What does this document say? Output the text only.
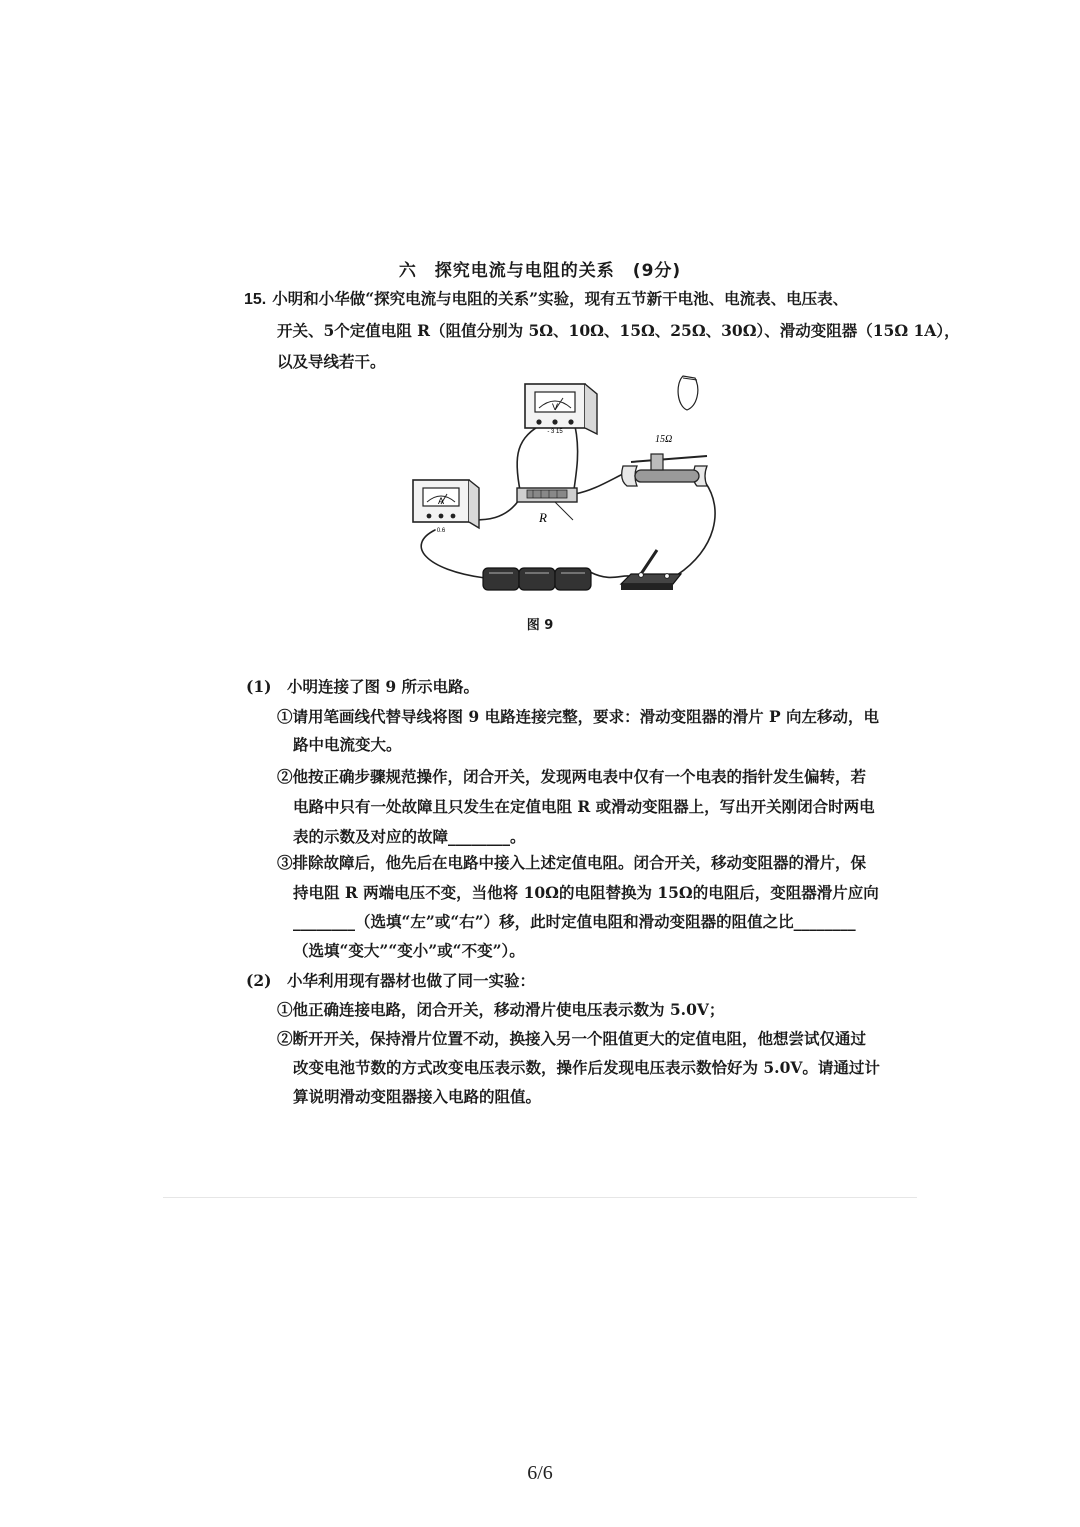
六　探究电流与电阻的关系　(9分)
15. 小明和小华做“探究电流与电阻的关系”实验，现有五节新干电池、电流表、电压表、
开关、5个定值电阻 R（阻值分别为 5Ω、10Ω、15Ω、25Ω、30Ω）、滑动变阻器（15Ω 1A），
以及导线若干。
V
- 3 15
A
0.6
R
15Ω
图 9
(1)　小明连接了图 9 所示电路。
①请用笔画线代替导线将图 9 电路连接完整，要求：滑动变阻器的滑片 P 向左移动，电
路中电流变大。
②他按正确步骤规范操作，闭合开关，发现两电表中仅有一个电表的指针发生偏转，若
电路中只有一处故障且只发生在定值电阻 R 或滑动变阻器上，写出开关刚闭合时两电
表的示数及对应的故障________。
③排除故障后，他先后在电路中接入上述定值电阻。闭合开关，移动变阻器的滑片，保
持电阻 R 两端电压不变，当他将 10Ω的电阻替换为 15Ω的电阻后，变阻器滑片应向
________（选填“左”或“右”）移，此时定值电阻和滑动变阻器的阻值之比________
（选填“变大”“变小”或“不变”）。
(2)　小华利用现有器材也做了同一实验：
①他正确连接电路，闭合开关，移动滑片使电压表示数为 5.0V；
②断开开关，保持滑片位置不动，换接入另一个阻值更大的定值电阻，他想尝试仅通过
改变电池节数的方式改变电压表示数，操作后发现电压表示数恰好为 5.0V。请通过计
算说明滑动变阻器接入电路的阻值。
6/6
